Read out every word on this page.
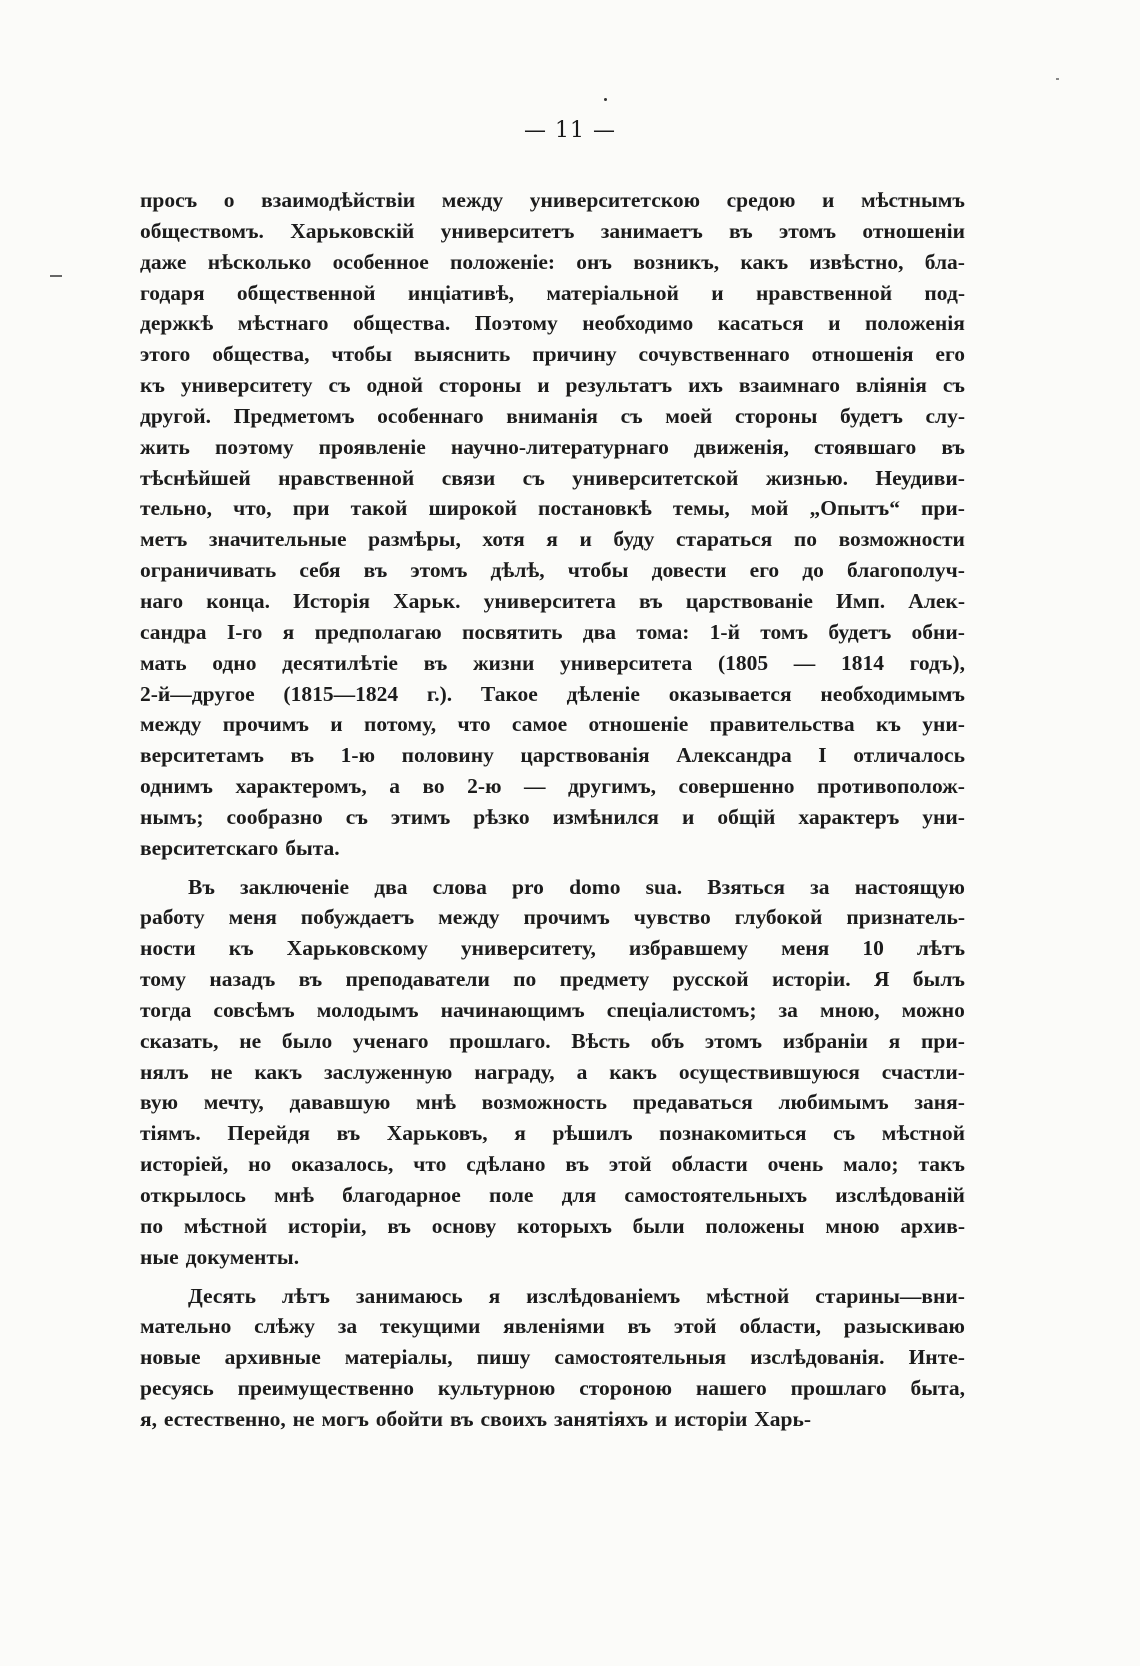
— 11 —
просъ о взаимодѣйствіи между университетскою средою и мѣстнымъ
обществомъ. Харьковскій университетъ занимаетъ въ этомъ отношеніи
даже нѣсколько особенное положеніе: онъ возникъ, какъ извѣстно, бла-
годаря общественной инціативѣ, матеріальной и нравственной под-
держкѣ мѣстнаго общества. Поэтому необходимо касаться и положенія
этого общества, чтобы выяснить причину сочувственнаго отношенія его
къ университету съ одной стороны и результатъ ихъ взаимнаго вліянія съ
другой. Предметомъ особеннаго вниманія съ моей стороны будетъ слу-
жить поэтому проявленіе научно-литературнаго движенія, стоявшаго въ
тѣснѣйшей нравственной связи съ университетской жизнью. Неудиви-
тельно, что, при такой широкой постановкѣ темы, мой „Опытъ“ при-
метъ значительные размѣры, хотя я и буду стараться по возможности
ограничивать себя въ этомъ дѣлѣ, чтобы довести его до благополуч-
наго конца. Исторія Харьк. университета въ царствованіе Имп. Алек-
сандра I-го я предполагаю посвятить два тома: 1-й томъ будетъ обни-
мать одно десятилѣтіе въ жизни университета (1805 — 1814 годъ),
2-й—другое (1815—1824 г.). Такое дѣленіе оказывается необходимымъ
между прочимъ и потому, что самое отношеніе правительства къ уни-
верситетамъ въ 1-ю половину царствованія Александра I отличалось
однимъ характеромъ, а во 2-ю — другимъ, совершенно противополож-
нымъ; сообразно съ этимъ рѣзко измѣнился и общій характеръ уни-
верситетскаго быта.
Въ заключеніе два слова pro domo sua. Взяться за настоящую
работу меня побуждаетъ между прочимъ чувство глубокой признатель-
ности къ Харьковскому университету, избравшему меня 10 лѣтъ
тому назадъ въ преподаватели по предмету русской исторіи. Я былъ
тогда совсѣмъ молодымъ начинающимъ спеціалистомъ; за мною, можно
сказать, не было ученаго прошлаго. Вѣсть объ этомъ избраніи я при-
нялъ не какъ заслуженную награду, а какъ осуществившуюся счастли-
вую мечту, дававшую мнѣ возможность предаваться любимымъ заня-
тіямъ. Перейдя въ Харьковъ, я рѣшилъ познакомиться съ мѣстной
исторіей, но оказалось, что сдѣлано въ этой области очень мало; такъ
открылось мнѣ благодарное поле для самостоятельныхъ изслѣдованій
по мѣстной исторіи, въ основу которыхъ были положены мною архив-
ные документы.
Десять лѣтъ занимаюсь я изслѣдованіемъ мѣстной старины—вни-
мательно слѣжу за текущими явленіями въ этой области, разыскиваю
новые архивные матеріалы, пишу самостоятельныя изслѣдованія. Инте-
ресуясь преимущественно культурною стороною нашего прошлаго быта,
я, естественно, не могъ обойти въ своихъ занятіяхъ и исторіи Харь-
